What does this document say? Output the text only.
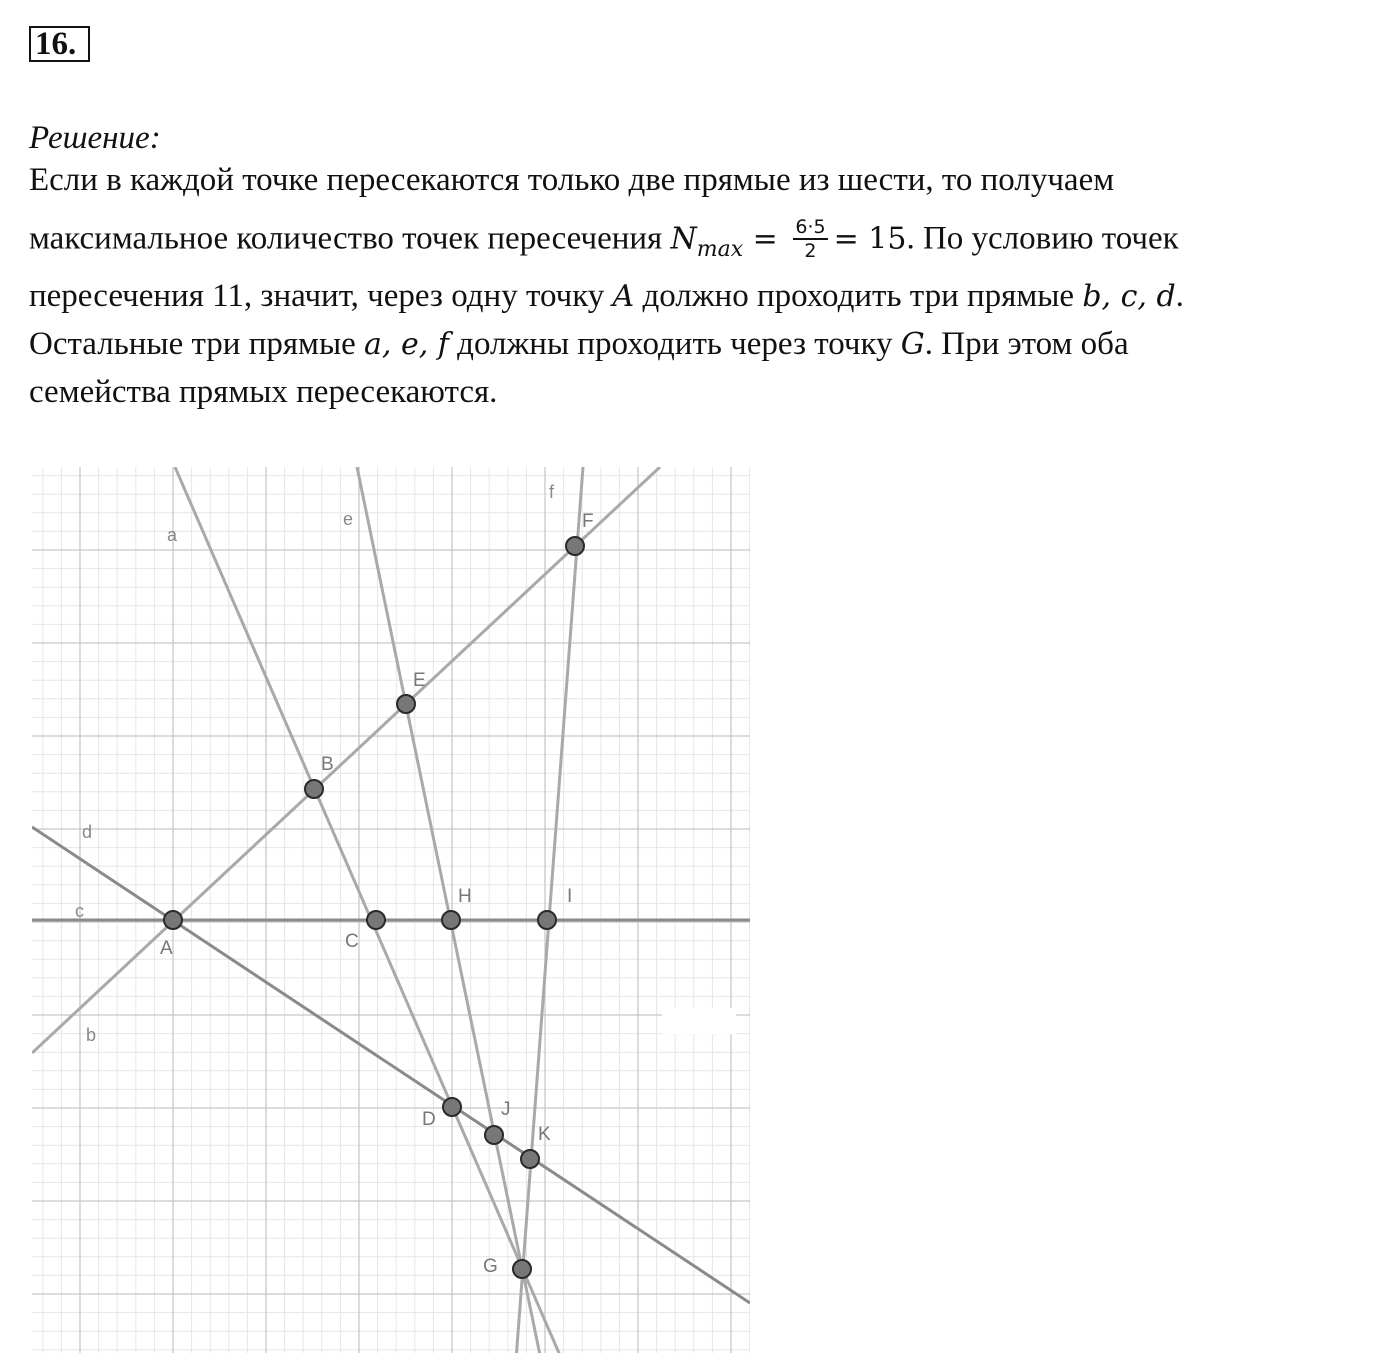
16.
Решение:
Если в каждой точке пересекаются только две прямые из шести, то получаем
максимальное количество точек пересечения $N_{max} = \frac{6\cdot 5}{2} = 15$. По условию точек
пересечения 11, значит, через одну точку A должно проходить три прямые b, c, d.
Остальные три прямые a, e, f должны проходить через точку G. При этом оба
семейства прямых пересекаются.
a
b
c
d
e
f
A
B
C
D
E
F
G
H	I
J
K
